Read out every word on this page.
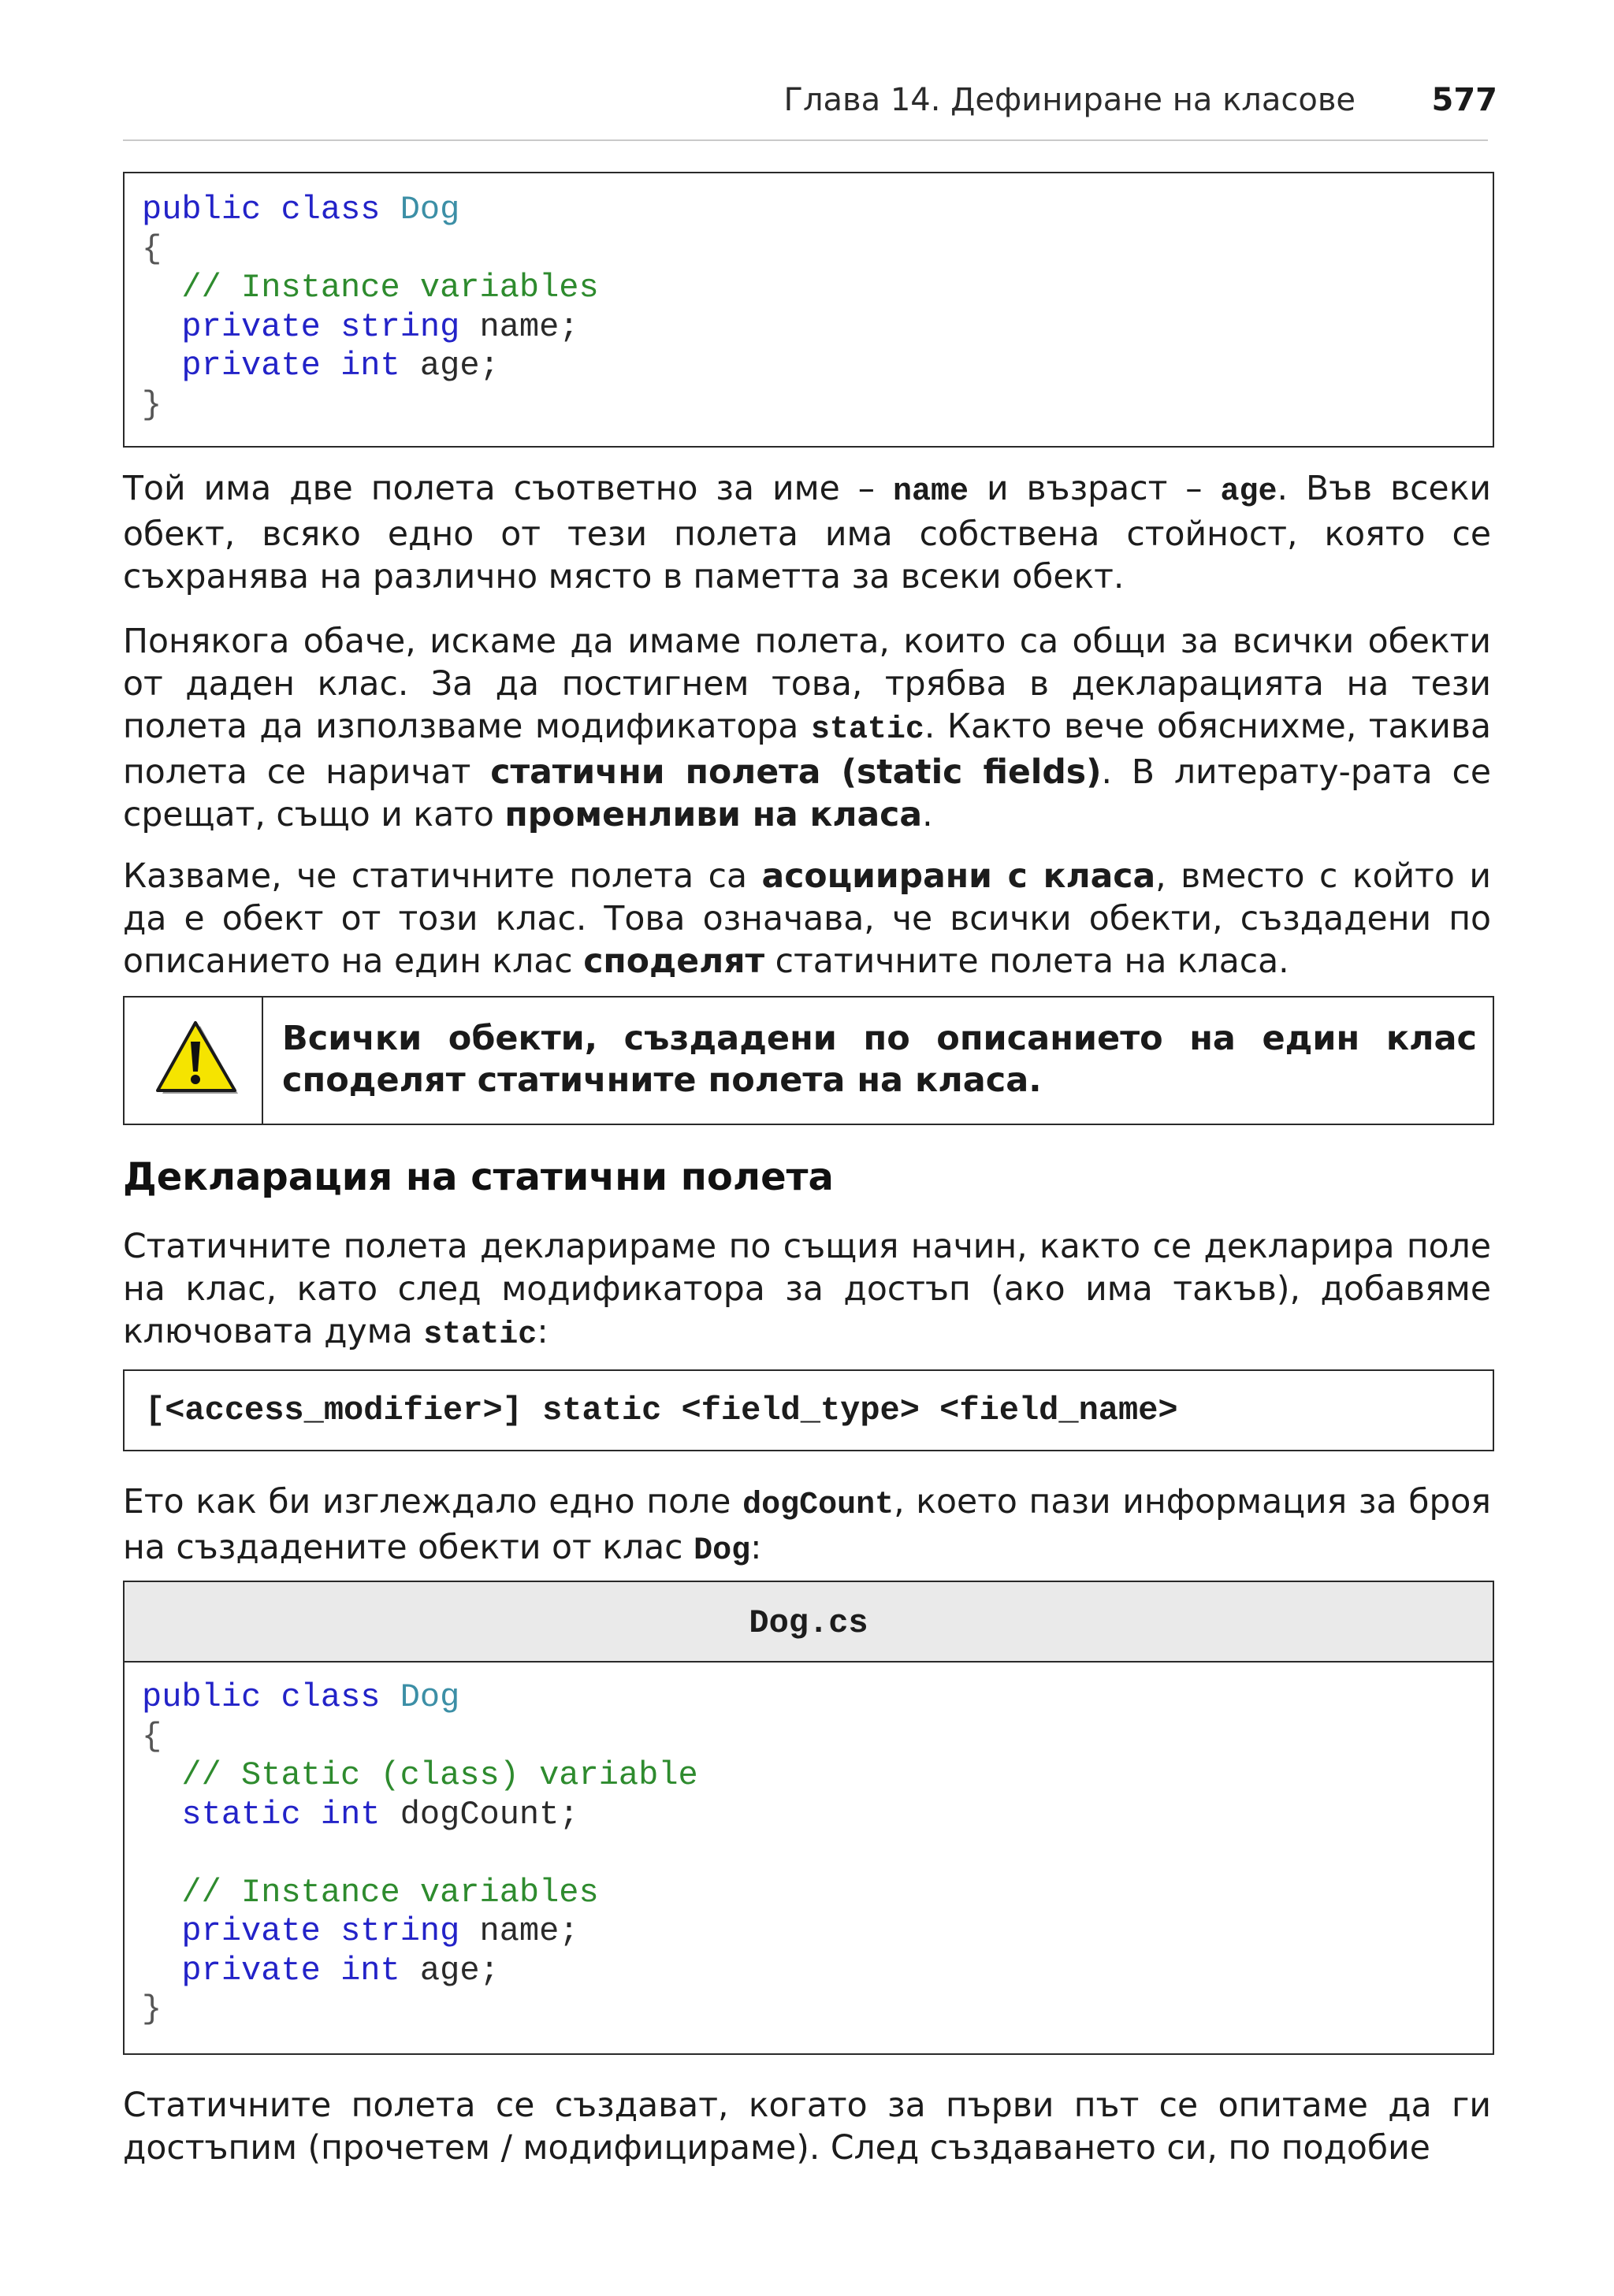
Глава 14. Дефиниране на класове 577
public class Dog
{
// Instance variables
private string name;
private int age;
}
Той има две полета съответно за име – name и възраст – age. Във всеки обект, всяко едно от тези полета има собствена стойност, която се съхранява на различно място в паметта за всеки обект.
Понякога обаче, искаме да имаме полета, които са общи за всички обекти от даден клас. За да постигнем това, трябва в декларацията на тези полета да използваме модификатора static. Както вече обяснихме, такива полета се наричат статични полета (static fields). В литерату-рата се срещат, също и като променливи на класа.
Казваме, че статичните полета са асоциирани с класа, вместо с който и да е обект от този клас. Това означава, че всички обекти, създадени по описанието на един клас споделят статичните полета на класа.
Всички обекти, създадени по описанието на един клас споделят статичните полета на класа.
Декларация на статични полета
Статичните полета декларираме по същия начин, както се декларира поле на клас, като след модификатора за достъп (ако има такъв), добавяме ключовата дума static:
[<access_modifier>] static <field_type> <field_name>
Ето как би изглеждало едно поле dogCount, което пази информация за броя на създадените обекти от клас Dog:
Dog.cs
public class Dog
{
// Static (class) variable
static int dogCount;
// Instance variables
private string name;
private int age;
}
Статичните полета се създават, когато за първи път се опитаме да ги достъпим (прочетем / модифицираме). След създаването си, по подобие
